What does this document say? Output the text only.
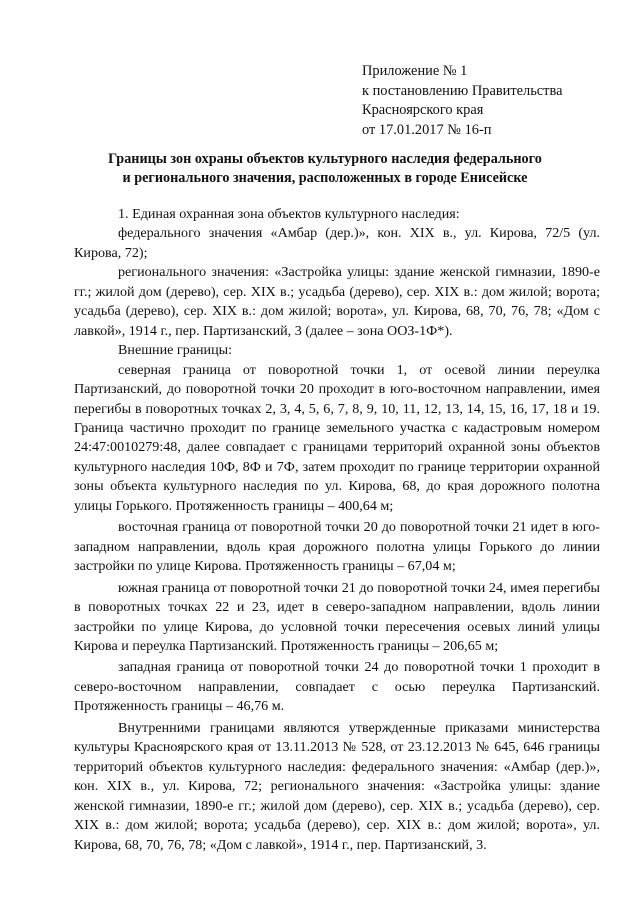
Приложение № 1
к постановлению Правительства
Красноярского края
от 17.01.2017 № 16-п
Границы зон охраны объектов культурного наследия федерального
и регионального значения, расположенных в городе Енисейске

1. Единая охранная зона объектов культурного наследия:

федерального значения «Амбар (дер.)», кон. XIX в., ул. Кирова, 72/5 (ул. Кирова, 72);

регионального значения: «Застройка улицы: здание женской гимназии, 1890-е гг.; жилой дом (дерево), сер. XIX в.; усадьба (дерево), сер. XIX в.: дом жилой; ворота; усадьба (дерево), сер. XIX в.: дом жилой; ворота», ул. Кирова, 68, 70, 76, 78; «Дом с лавкой», 1914 г., пер. Партизанский, 3 (далее – зона ООЗ-1Ф*).

Внешние границы:

северная граница от поворотной точки 1, от осевой линии переулка Партизанский, до поворотной точки 20 проходит в юго-восточном направлении, имея перегибы в поворотных точках 2, 3, 4, 5, 6, 7, 8, 9, 10, 11, 12, 13, 14, 15, 16, 17, 18 и 19. Граница частично проходит по границе земельного участка с кадастровым номером 24:47:0010279:48, далее совпадает с границами территорий охранной зоны объектов культурного наследия 10Ф, 8Ф и 7Ф, затем проходит по границе территории охранной зоны объекта культурного наследия по ул. Кирова, 68, до края дорожного полотна улицы Горького. Протяженность границы – 400,64 м;

восточная граница от поворотной точки 20 до поворотной точки 21 идет в юго-западном направлении, вдоль края дорожного полотна улицы Горького до линии застройки по улице Кирова. Протяженность границы – 67,04 м;

южная граница от поворотной точки 21 до поворотной точки 24, имея перегибы в поворотных точках 22 и 23, идет в северо-западном направлении, вдоль линии застройки по улице Кирова, до условной точки пересечения осевых линий улицы Кирова и переулка Партизанский. Протяженность границы – 206,65 м;

западная граница от поворотной точки 24 до поворотной точки 1 проходит в северо-восточном направлении, совпадает с осью переулка Партизанский. Протяженность границы – 46,76 м.

Внутренними границами являются утвержденные приказами министерства культуры Красноярского края от 13.11.2013 № 528, от 23.12.2013 № 645, 646 границы территорий объектов культурного наследия: федерального значения: «Амбар (дер.)», кон. XIX в., ул. Кирова, 72; регионального значения: «Застройка улицы: здание женской гимназии, 1890-е гг.; жилой дом (дерево), сер. XIX в.; усадьба (дерево), сер. XIX в.: дом жилой; ворота; усадьба (дерево), сер. XIX в.: дом жилой; ворота», ул. Кирова, 68, 70, 76, 78; «Дом с лавкой», 1914 г., пер. Партизанский, 3.
